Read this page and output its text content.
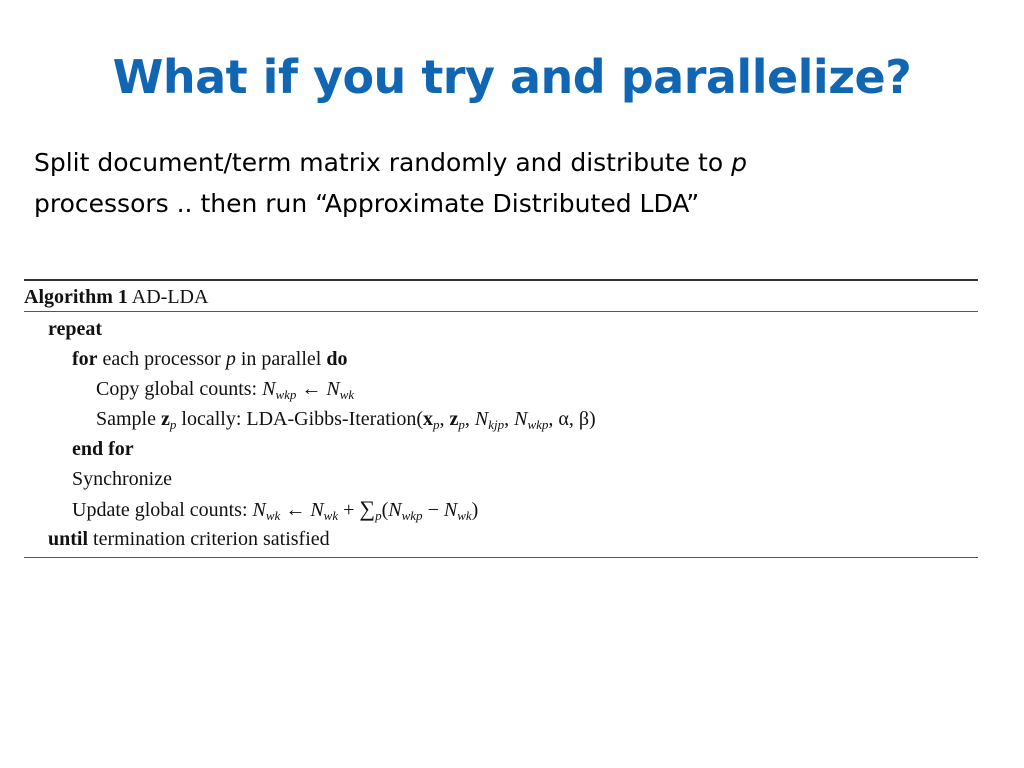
What if you try and parallelize?
Split document/term matrix randomly and distribute to p
processors .. then run “Approximate Distributed LDA”
Algorithm 1 AD-LDA
repeat
for each processor p in parallel do
Copy global counts: $N_{wkp}$ ← $N_{wk}$
Sample $z_p$ locally: LDA-$Gibbs-Iteration(x_p$, $z_p$, $N_{kjp}$, $N_{wkp}$, α, β)
end for
Synchronize
Update global counts: $N_{wk}$ ← $N_{wk} + \sum_p(N_{wkp} - N_{wk})$
until termination criterion satisfied
